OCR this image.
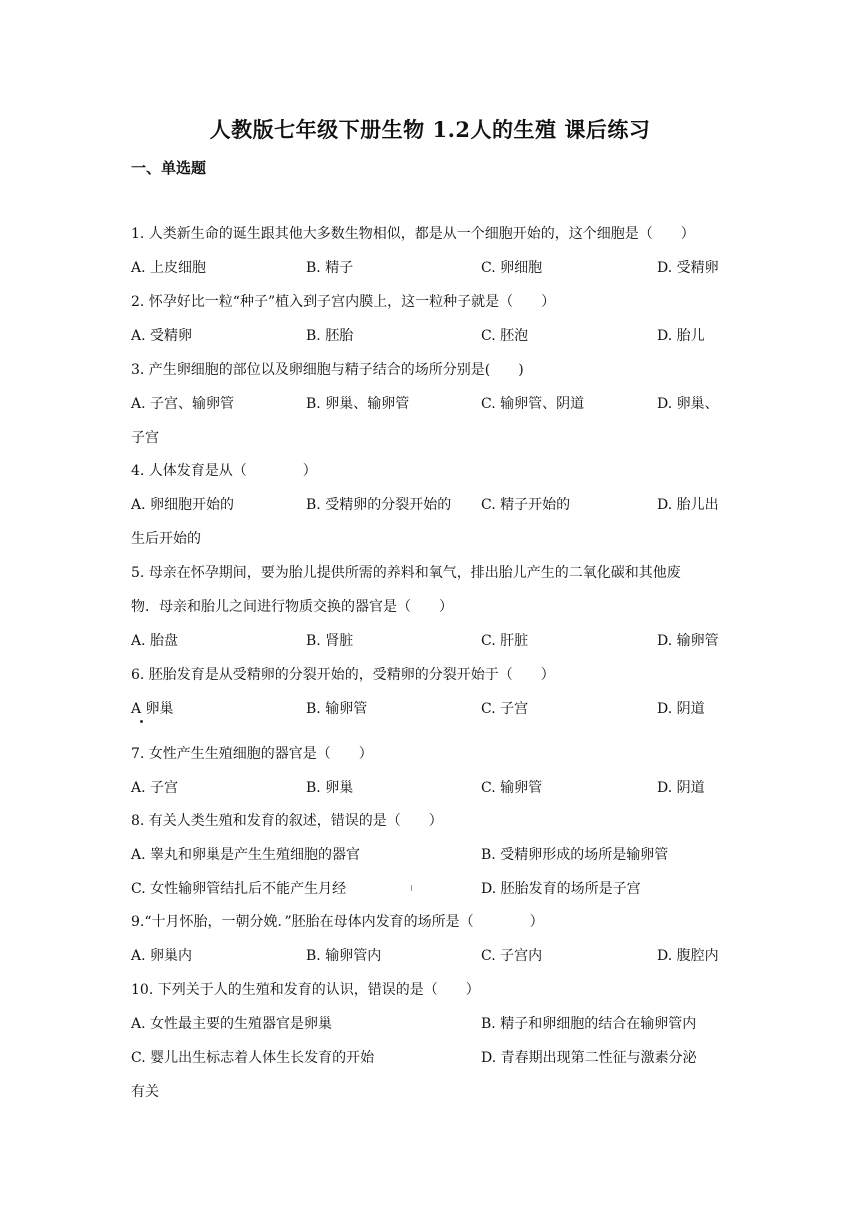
人教版七年级下册生物 1.2人的生殖 课后练习
一、单选题
1. 人类新生命的诞生跟其他大多数生物相似，都是从一个细胞开始的，这个细胞是（　　）
A. 上皮细胞	B. 精子	C. 卵细胞	D. 受精卵
2. 怀孕好比一粒“种子”植入到子宫内膜上，这一粒种子就是（　　）
A. 受精卵	B. 胚胎	C. 胚泡	D. 胎儿
3. 产生卵细胞的部位以及卵细胞与精子结合的场所分别是(　　)
A. 子宫、输卵管	B. 卵巢、输卵管	C. 输卵管、阴道	D. 卵巢、
子宫
4. 人体发育是从（　　　　）
A. 卵细胞开始的	B. 受精卵的分裂开始的 C. 精子开始的	D. 胎儿出
生后开始的
5. 母亲在怀孕期间，要为胎儿提供所需的养料和氧气，排出胎儿产生的二氧化碳和其他废
物．母亲和胎儿之间进行物质交换的器官是（　　）
A. 胎盘	B. 肾脏	C. 肝脏	D. 输卵管
6. 胚胎发育是从受精卵的分裂开始的，受精卵的分裂开始于（　　）
A 卵巢	B. 输卵管	C. 子宫	D. 阴道
7. 女性产生生殖细胞的器官是（　　）
A. 子宫	B. 卵巢	C. 输卵管	D. 阴道
8. 有关人类生殖和发育的叙述，错误的是（　　）
A. 睾丸和卵巢是产生生殖细胞的器官	B. 受精卵形成的场所是输卵管
C. 女性输卵管结扎后不能产生月经	D. 胚胎发育的场所是子宫
9.“十月怀胎，一朝分娩．”胚胎在母体内发育的场所是（　　　　）
A. 卵巢内	B. 输卵管内	C. 子宫内	D. 腹腔内
10. 下列关于人的生殖和发育的认识，错误的是（　　）
A. 女性最主要的生殖器官是卵巢	B. 精子和卵细胞的结合在输卵管内
C. 婴儿出生标志着人体生长发育的开始	D. 青春期出现第二性征与激素分泌
有关
